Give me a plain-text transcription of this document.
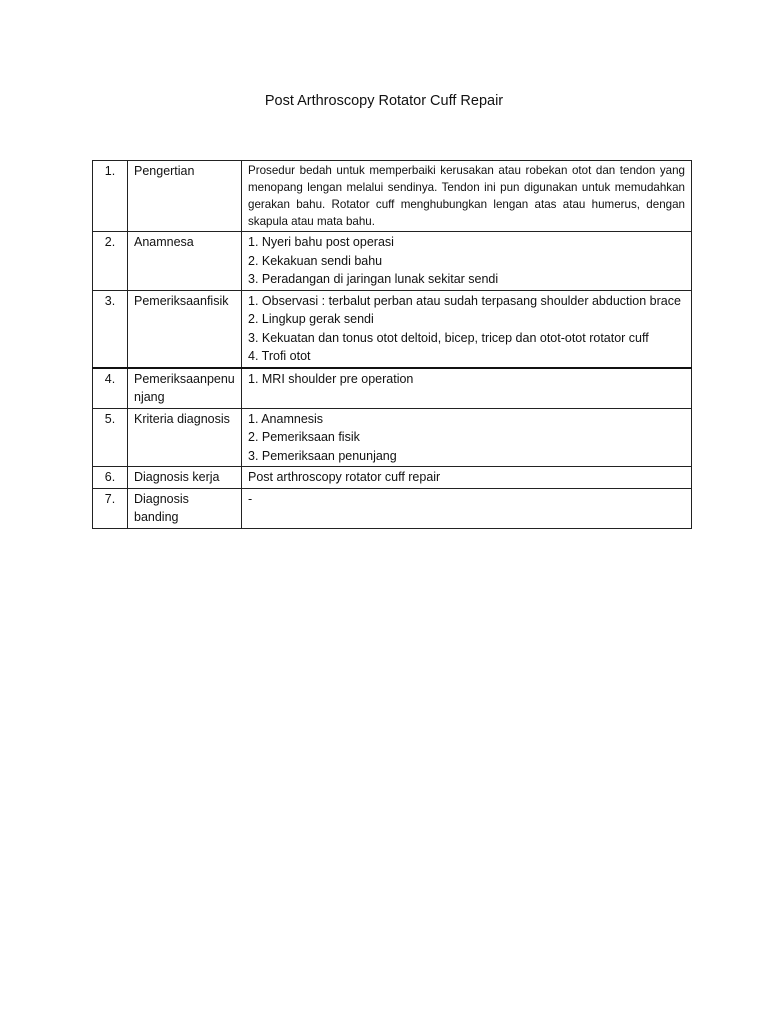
Post Arthroscopy Rotator Cuff Repair
1.	Pengertian	Prosedur bedah untuk memperbaiki kerusakan atau robekan otot dan tendon yang menopang lengan melalui sendinya. Tendon ini pun digunakan untuk memudahkan gerakan bahu. Rotator cuff menghubungkan lengan atas atau humerus, dengan skapula atau mata bahu.

2.	Anamnesa	1. Nyeri bahu post operasi
2. Kekakuan sendi bahu
3. Peradangan di jaringan lunak sekitar sendi

3.	Pemeriksaanfisik	1. Observasi : terbalut perban atau sudah terpasang shoulder abduction brace
2. Lingkup gerak sendi
3. Kekuatan dan tonus otot deltoid, bicep, tricep dan otot-otot rotator cuff
4. Trofi otot

4.	Pemeriksaanpenunjang	1. MRI shoulder pre operation

5.	Kriteria diagnosis	1. Anamnesis
2. Pemeriksaan fisik
3. Pemeriksaan penunjang

6.	Diagnosis kerja	Post arthroscopy rotator cuff repair

7.	Diagnosis banding	-
